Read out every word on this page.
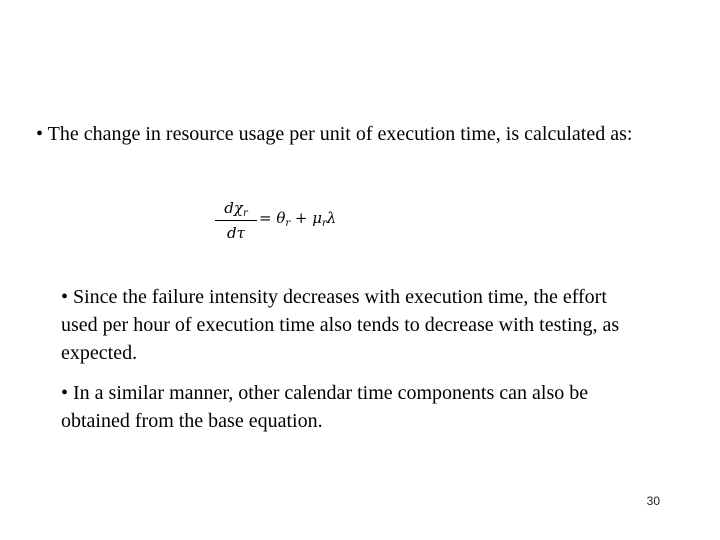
• The change in resource usage per unit of execution time, is calculated as:

$d\chi_r$
dτ
= $\theta_r + \mu_r\lambda$

• Since the failure intensity decreases with execution time, the effort used per hour of execution time also tends to decrease with testing, as expected.

• In a similar manner, other calendar time components can also be obtained from the base equation.

30
